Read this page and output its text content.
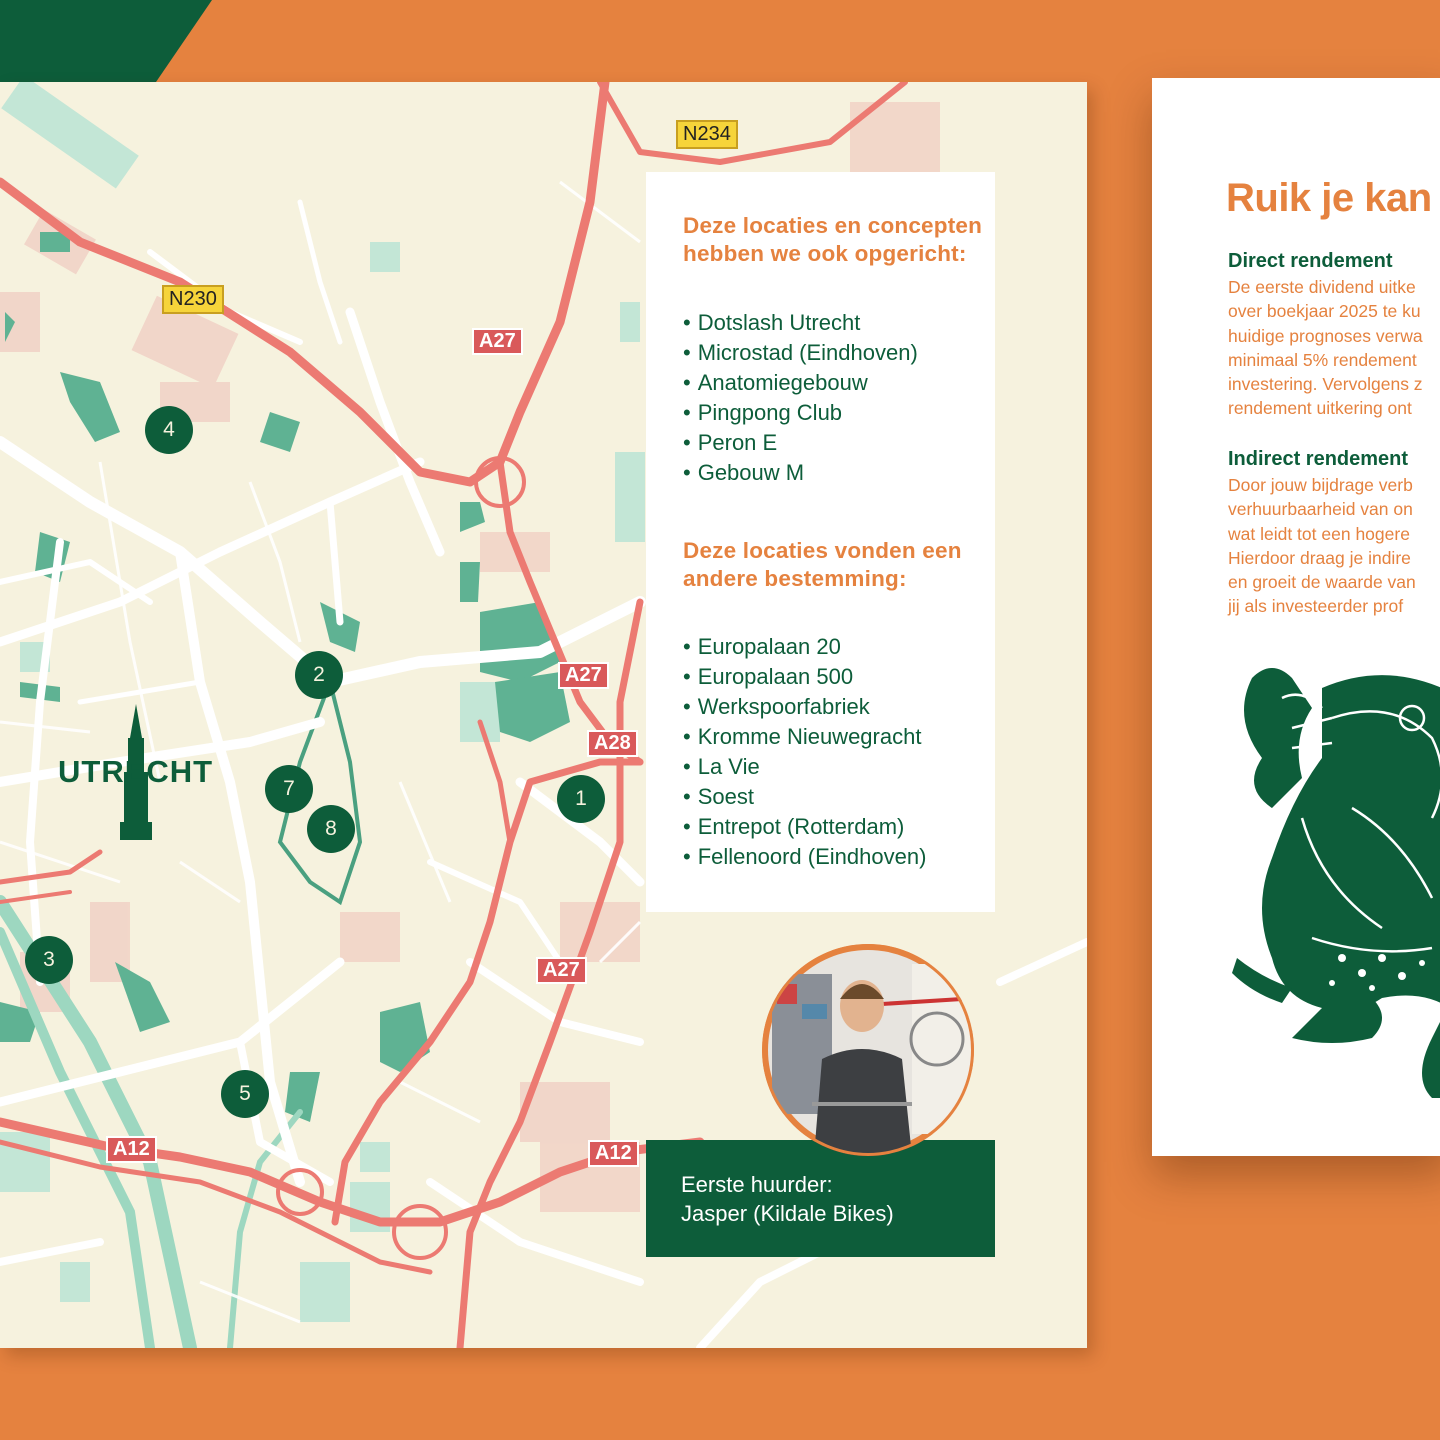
UTRECHT
N234
N230
A27
A27
A28
A27
A12	A12
1
2
3
4
5
7
8
Deze locaties en concepten hebben we ook opgericht:
• Dotslash Utrecht
• Microstad (Eindhoven)
• Anatomiegebouw
• Pingpong Club
• Peron E
• Gebouw M
Deze locaties vonden een andere bestemming:
• Europalaan 20
• Europalaan 500
• Werkspoorfabriek
• Kromme Nieuwegracht
• La Vie
• Soest
• Entrepot (Rotterdam)
• Fellenoord (Eindhoven)
Eerste huurder:
Jasper (Kildale Bikes)
Ruik je kan
Direct rendement
De eerste dividend uitke
over boekjaar 2025 te ku
huidige prognoses verwa
minimaal 5% rendement
investering. Vervolgens z
rendement uitkering ont
Indirect rendement
Door jouw bijdrage verb
verhuurbaarheid van on
wat leidt tot een hogere
Hierdoor draag je indire
en groeit de waarde van
jij als investeerder prof
